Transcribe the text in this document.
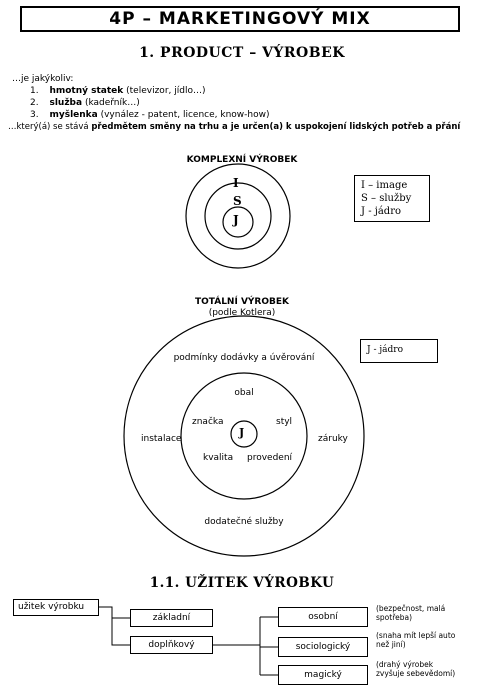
4P – MARKETINGOVÝ MIX
1. PRODUCT – VÝROBEK
…je jakýkoliv:
1. hmotný statek (televizor, jídlo…)
2. služba (kadeřník…)
3. myšlenka (vynález - patent, licence, know-how)
…který(á) se stává předmětem směny na trhu a je určen(a) k uspokojení lidských potřeb a přání
KOMPLEXNÍ VÝROBEK
I
S
J
I – image
S – služby
J - jádro
TOTÁLNÍ VÝROBEK
(podle Kotlera)
J - jádro
podmínky dodávky a úvěrování
instalace	záruky
dodatečné služby
obal
značka	styl
kvalita provedení
J
1.1. UŽITEK VÝROBKU
užitek výrobku
základní
doplňkový
osobní
sociologický
magický
(bezpečnost, malá spotřeba)
(snaha mít lepší auto než jiní)
(drahý výrobek zvyšuje sebevědomí)
